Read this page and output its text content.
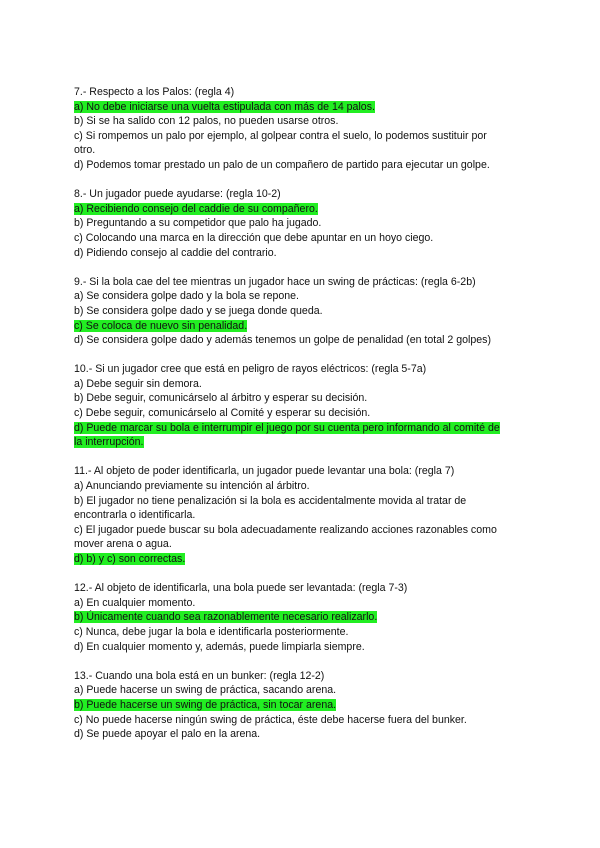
7.- Respecto a los Palos: (regla 4)
a) No debe iniciarse una vuelta estipulada con más de 14 palos.
b) Si se ha salido con 12 palos, no pueden usarse otros.
c) Si rompemos un palo por ejemplo, al golpear contra el suelo, lo podemos sustituir por
otro.
d) Podemos tomar prestado un palo de un compañero de partido para ejecutar un golpe.
8.- Un jugador puede ayudarse: (regla 10-2)
a) Recibiendo consejo del caddie de su compañero.
b) Preguntando a su competidor que palo ha jugado.
c) Colocando una marca en la dirección que debe apuntar en un hoyo ciego.
d) Pidiendo consejo al caddie del contrario.
9.- Si la bola cae del tee mientras un jugador hace un swing de prácticas: (regla 6-2b)
a) Se considera golpe dado y la bola se repone.
b) Se considera golpe dado y se juega donde queda.
c) Se coloca de nuevo sin penalidad.
d) Se considera golpe dado y además tenemos un golpe de penalidad (en total 2 golpes)
10.- Si un jugador cree que está en peligro de rayos eléctricos: (regla 5-7a)
a) Debe seguir sin demora.
b) Debe seguir, comunicárselo al árbitro y esperar su decisión.
c) Debe seguir, comunicárselo al Comité y esperar su decisión.
d) Puede marcar su bola e interrumpir el juego por su cuenta pero informando al comité de
la interrupción.
11.- Al objeto de poder identificarla, un jugador puede levantar una bola: (regla 7)
a) Anunciando previamente su intención al árbitro.
b) El jugador no tiene penalización si la bola es accidentalmente movida al tratar de
encontrarla o identificarla.
c) El jugador puede buscar su bola adecuadamente realizando acciones razonables como
mover arena o agua.
d) b) y c) son correctas.
12.- Al objeto de identificarla, una bola puede ser levantada: (regla 7-3)
a) En cualquier momento.
b) Únicamente cuando sea razonablemente necesario realizarlo.
c) Nunca, debe jugar la bola e identificarla posteriormente.
d) En cualquier momento y, además, puede limpiarla siempre.
13.- Cuando una bola está en un bunker: (regla 12-2)
a) Puede hacerse un swing de práctica, sacando arena.
b) Puede hacerse un swing de práctica, sin tocar arena.
c) No puede hacerse ningún swing de práctica, éste debe hacerse fuera del bunker.
d) Se puede apoyar el palo en la arena.
